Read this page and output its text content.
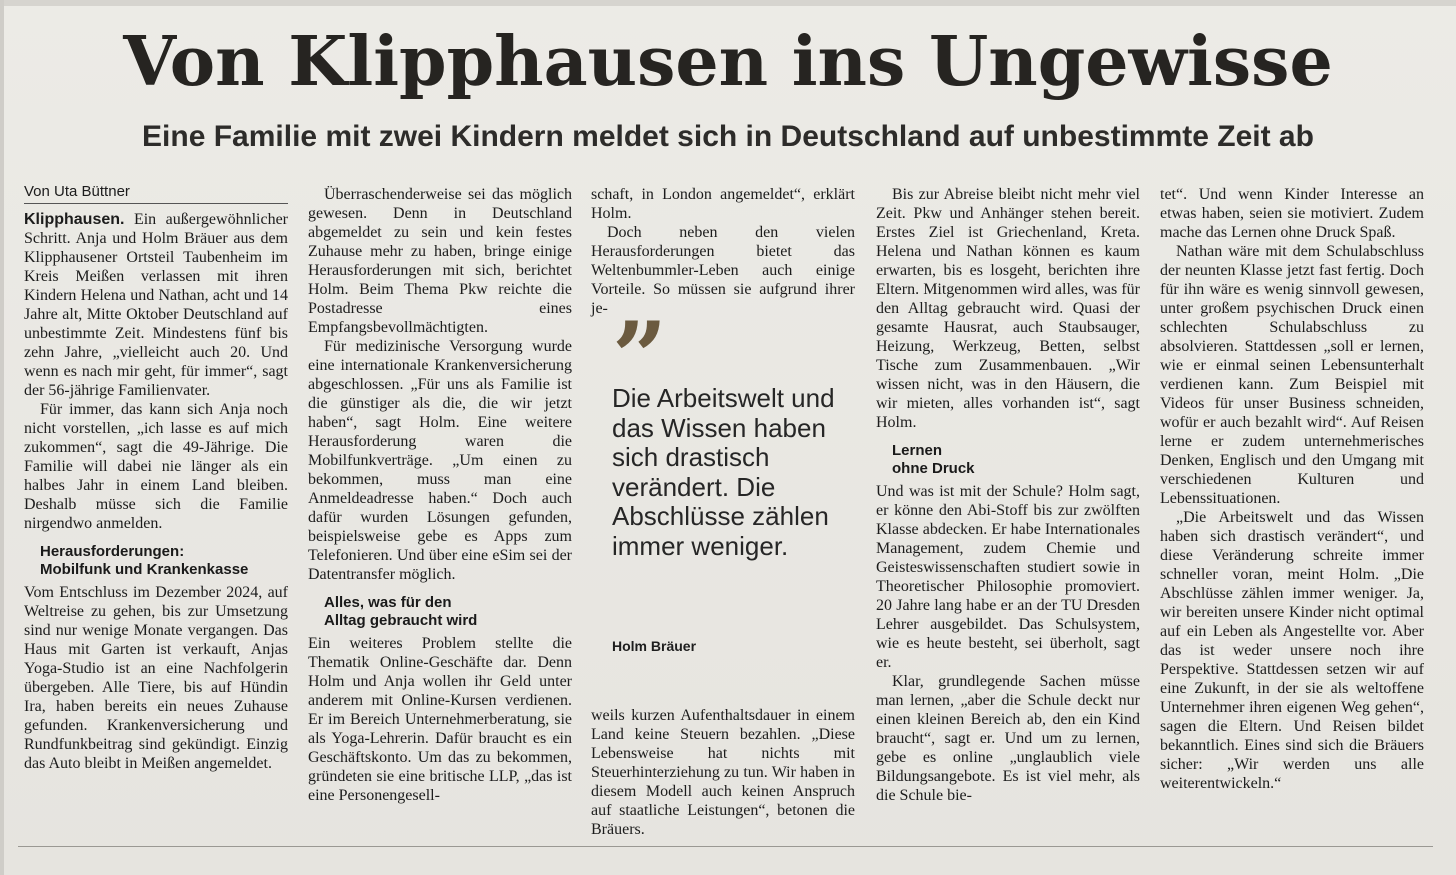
Von Klipphausen ins Ungewisse
Eine Familie mit zwei Kindern meldet sich in Deutschland auf unbestimmte Zeit ab
Von Uta Büttner

Klipphausen. Ein außergewöhnlicher Schritt. Anja und Holm Bräuer aus dem Klipphausener Ortsteil Taubenheim im Kreis Meißen verlassen mit ihren Kindern Helena und Nathan, acht und 14 Jahre alt, Mitte Oktober Deutschland auf unbestimmte Zeit. Mindestens fünf bis zehn Jahre, „vielleicht auch 20. Und wenn es nach mir geht, für immer“, sagt der 56-jährige Familienvater.

Für immer, das kann sich Anja noch nicht vorstellen, „ich lasse es auf mich zukommen“, sagt die 49-Jährige. Die Familie will dabei nie länger als ein halbes Jahr in einem Land bleiben. Deshalb müsse sich die Familie nirgendwo anmelden.

Herausforderungen:
Mobilfunk und Krankenkasse

Vom Entschluss im Dezember 2024, auf Weltreise zu gehen, bis zur Umsetzung sind nur wenige Monate vergangen. Das Haus mit Garten ist verkauft, Anjas Yoga-Studio ist an eine Nachfolgerin übergeben. Alle Tiere, bis auf Hündin Ira, haben bereits ein neues Zuhause gefunden. Krankenversicherung und Rundfunkbeitrag sind gekündigt. Einzig das Auto bleibt in Meißen angemeldet.

Überraschenderweise sei das möglich gewesen. Denn in Deutschland abgemeldet zu sein und kein festes Zuhause mehr zu haben, bringe einige Herausforderungen mit sich, berichtet Holm. Beim Thema Pkw reichte die Postadresse eines Empfangsbevollmächtigten.

Für medizinische Versorgung wurde eine internationale Krankenversicherung abgeschlossen. „Für uns als Familie ist die günstiger als die, die wir jetzt haben“, sagt Holm. Eine weitere Herausforderung waren die Mobilfunkverträge. „Um einen zu bekommen, muss man eine Anmeldeadresse haben.“ Doch auch dafür wurden Lösungen gefunden, beispielsweise gebe es Apps zum Telefonieren. Und über eine eSim sei der Datentransfer möglich.

Alles, was für den
Alltag gebraucht wird

Ein weiteres Problem stellte die Thematik Online-Geschäfte dar. Denn Holm und Anja wollen ihr Geld unter anderem mit Online-Kursen verdienen. Er im Bereich Unternehmerberatung, sie als Yoga-Lehrerin. Dafür braucht es ein Geschäftskonto. Um das zu bekommen, gründeten sie eine britische LLP, „das ist eine Personengesell-

schaft, in London angemeldet“, erklärt Holm.

Doch neben den vielen Herausforderungen bietet das Weltenbummler-Leben auch einige Vorteile. So müssen sie aufgrund ihrer je- ”
Die Arbeitswelt und das Wissen haben sich drastisch verändert. Die Abschlüsse zählen immer weniger.
Holm Bräuer

weils kurzen Aufenthaltsdauer in einem Land keine Steuern bezahlen. „Diese Lebensweise hat nichts mit Steuerhinterziehung zu tun. Wir haben in diesem Modell auch keinen Anspruch auf staatliche Leistungen“, betonen die Bräuers.

Bis zur Abreise bleibt nicht mehr viel Zeit. Pkw und Anhänger stehen bereit. Erstes Ziel ist Griechenland, Kreta. Helena und Nathan können es kaum erwarten, bis es losgeht, berichten ihre Eltern. Mitgenommen wird alles, was für den Alltag gebraucht wird. Quasi der gesamte Hausrat, auch Staubsauger, Heizung, Werkzeug, Betten, selbst Tische zum Zusammenbauen. „Wir wissen nicht, was in den Häusern, die wir mieten, alles vorhanden ist“, sagt Holm.

Lernen
ohne Druck

Und was ist mit der Schule? Holm sagt, er könne den Abi-Stoff bis zur zwölften Klasse abdecken. Er habe Internationales Management, zudem Chemie und Geisteswissenschaften studiert sowie in Theoretischer Philosophie promoviert. 20 Jahre lang habe er an der TU Dresden Lehrer ausgebildet. Das Schulsystem, wie es heute besteht, sei überholt, sagt er.

Klar, grundlegende Sachen müsse man lernen, „aber die Schule deckt nur einen kleinen Bereich ab, den ein Kind braucht“, sagt er. Und um zu lernen, gebe es online „unglaublich viele Bildungsangebote. Es ist viel mehr, als die Schule bie-

tet“. Und wenn Kinder Interesse an etwas haben, seien sie motiviert. Zudem mache das Lernen ohne Druck Spaß.

Nathan wäre mit dem Schulabschluss der neunten Klasse jetzt fast fertig. Doch für ihn wäre es wenig sinnvoll gewesen, unter großem psychischen Druck einen schlechten Schulabschluss zu absolvieren. Stattdessen „soll er lernen, wie er einmal seinen Lebensunterhalt verdienen kann. Zum Beispiel mit Videos für unser Business schneiden, wofür er auch bezahlt wird“. Auf Reisen lerne er zudem unternehmerisches Denken, Englisch und den Umgang mit verschiedenen Kulturen und Lebenssituationen.

„Die Arbeitswelt und das Wissen haben sich drastisch verändert“, und diese Veränderung schreite immer schneller voran, meint Holm. „Die Abschlüsse zählen immer weniger. Ja, wir bereiten unsere Kinder nicht optimal auf ein Leben als Angestellte vor. Aber das ist weder unsere noch ihre Perspektive. Stattdessen setzen wir auf eine Zukunft, in der sie als weltoffene Unternehmer ihren eigenen Weg gehen“, sagen die Eltern. Und Reisen bildet bekanntlich. Eines sind sich die Bräuers sicher: „Wir werden uns alle weiterentwickeln.“
